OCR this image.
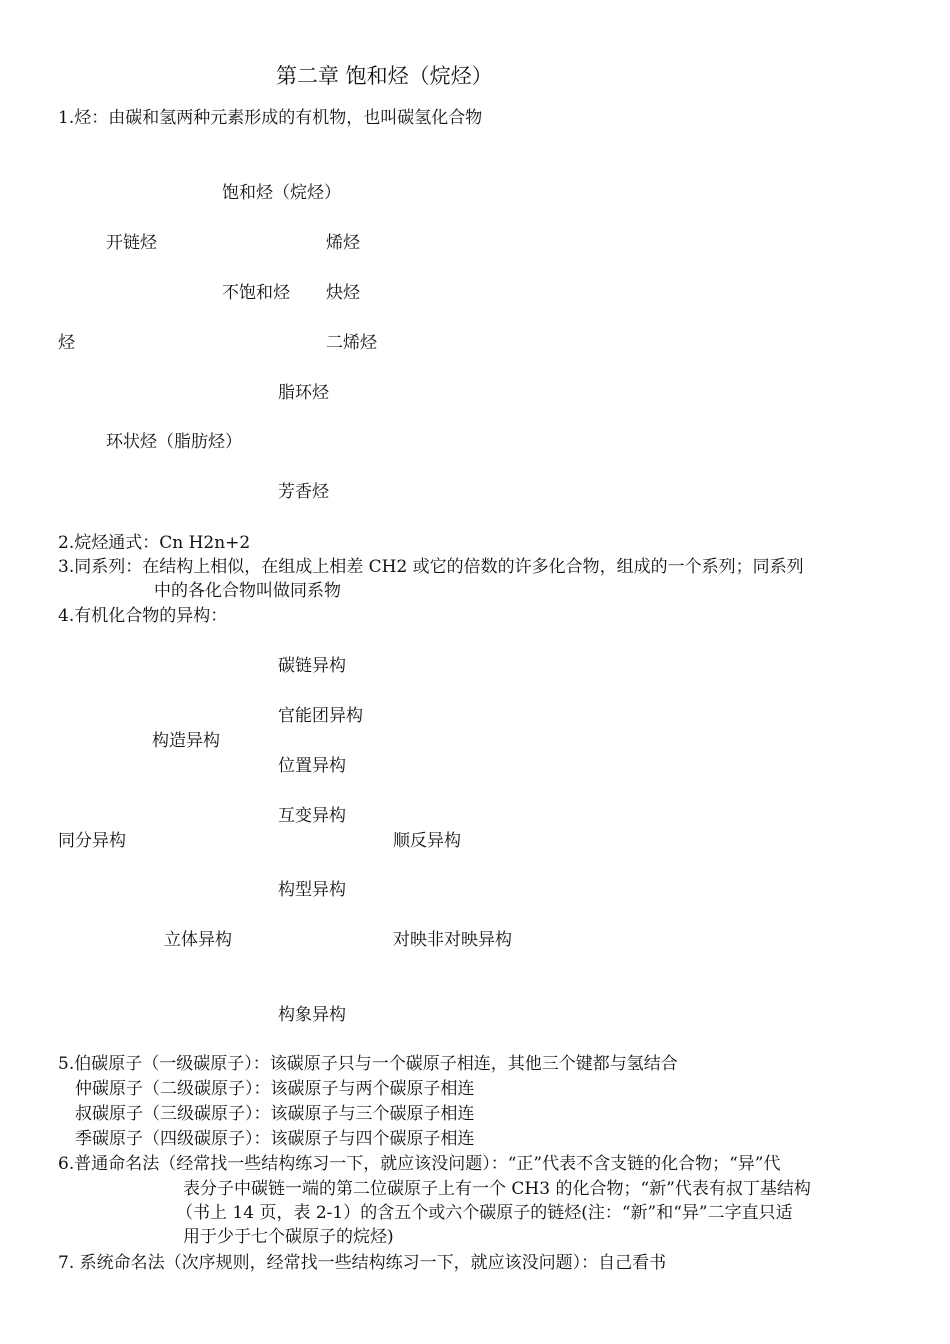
第二章 饱和烃（烷烃）
1.烃：由碳和氢两种元素形成的有机物，也叫碳氢化合物
饱和烃（烷烃）
开链烃	烯烃
不饱和烃 炔烃
烃	二烯烃
脂环烃
环状烃（脂肪烃）
芳香烃
2.烷烃通式：Cn H2n+2
3.同系列：在结构上相似，在组成上相差 CH2 或它的倍数的许多化合物，组成的一个系列；同系列
中的各化合物叫做同系物
4.有机化合物的异构：
碳链异构
官能团异构
构造异构
位置异构
互变异构
同分异构	顺反异构
构型异构
立体异构	对映非对映异构
构象异构
5.伯碳原子（一级碳原子）：该碳原子只与一个碳原子相连，其他三个键都与氢结合
仲碳原子（二级碳原子）：该碳原子与两个碳原子相连
叔碳原子（三级碳原子）：该碳原子与三个碳原子相连
季碳原子（四级碳原子）：该碳原子与四个碳原子相连
6.普通命名法（经常找一些结构练习一下，就应该没问题）：“正”代表不含支链的化合物；“异”代
表分子中碳链一端的第二位碳原子上有一个 CH3 的化合物；“新”代表有叔丁基结构
（书上 14 页，表 2-1）的含五个或六个碳原子的链烃(注：“新”和“异”二字直只适
用于少于七个碳原子的烷烃)
7. 系统命名法（次序规则，经常找一些结构练习一下，就应该没问题）：自己看书
